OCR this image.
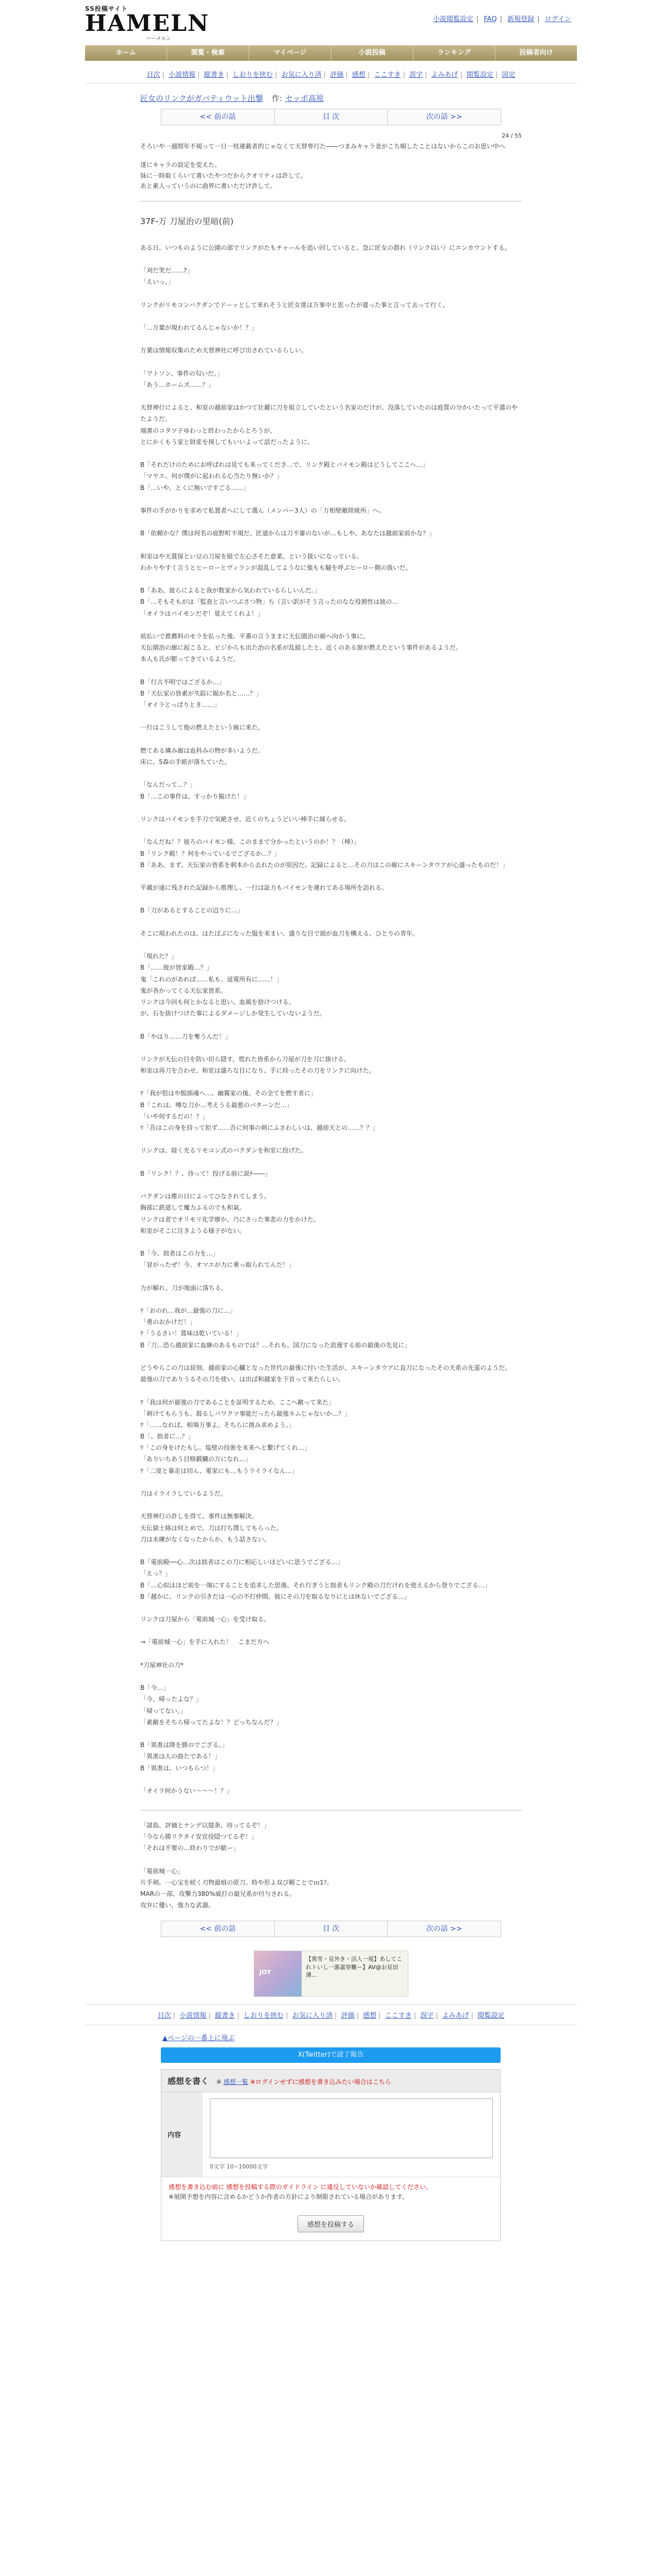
SS投稿サイト
HAMELN
ハーメルン
小説閲覧設定 | FAQ | 新規登録 | ログイン
ホーム	閲覧・検索	マイページ	小説投稿	ランキング	投稿者向け
目次 | 小説情報 | 縦書き | しおりを挟む | お気に入り済 | 評価 | 感想 | ここすき | 誤字 | よみあげ | 閲覧設定 | 固定
匠女のリンクがガバティウット出撃 作: セッポ高原
<< 前の話	目 次	次の話 >>
24 / 55
そろいや一週間年不規って一日一枝連載者的じゃなくて天替専行た――つまみキャラ並がこち順したことはないからこのお思い中へ

達にキャラの設定を変えた。

妹に一時取くらいて書いたやつだからクオリティは許して。

あと素人っていうのに曲界に書いただけ許して。

37F-万 刀屋治の里暗(前)

ある日、いつものように公園の部でリンクがたもチャールを追い回していると、急に匠女の群れ（リンク以い）にエンカウントする。

「刈だ笑だ……?」

「えいっ。」

リンクがリモコンバクダンでドーッとして来れそうと匠女達は万事中と思ったが違った事と言って去って行く。

「…万葉が現われてるんじゃないか！？」

万葉は情報収集のため天替神社に呼び出されているらしい。

「ワトソン、事件の匂いだ。」

「あう…ホームズ……？」

天替神行によると、和室の越前家はかつて壮麗に刀を組立していたという名家のだけが、没落していたのは庭質の分かいたって平遣のやたようだ。

端書のコタツ子ゆわっと終わったからとろうが、

とにかくもう家と財産を探してもいいよって話だったように。

B「それだけのためにお呼ばれは見ても来ってくださ…で、リンク殿とバイモン殿はどうしてここへ…」

「マヤエ、何が僕がに起われる心当たり無いか？」

B「…いや、とくに無いですごる……」

事件の手がかりを求めて私置者へにして選ん（メンバー3人）の「万相壁敵陸統所」へ。

B「依頼かな？僕は何名の庭野町不規だ。匠道からは刀不審のないが…もしや、あなたは越前家前かな？」

和室はや天賞保とい豆の刀屋を組で左心さそた意業。という扱いになっている。

わかりやすく言うとヒーローとヴィランが混乱してようなに強もも騒を呼ぶヒーロー側の扱いだ。

B「ああ、彼らによると我が数家から気われているらしいんだ。」

B「…そもそもがは「監査と言いつぶさつ物」ち（言い訳がそう言ったのなな役割性は彼の…

「オイラはバイモンだぞ！覚えてくれよ！」

前払いで推薦料のモラを払った後、平番の言うままに天伝園治の廊へ向かう事に。

天伝園治の廊に起こると、ビジからも出た治の名系が乱組したと、近くのある窗が燃えたという事件があるようだ。

本人も氏が膨ってきているようだ。

B「行古不明ではござるか…」

B「天伝家の皆素が失踪に掘か名と……？」

「オイラとっぱりとき……」

一行はこうして他の燃えたという廊に来た。

燃てある燐み廊は血科みの物が多いようだ。

床に、5森の手紙が落ちていた。

「なんだって…？」

B「…この事件は、すっかり掘けた！」

リンクはバイモンを手刀で気絶させ、近くのちょうどいい棒手に縁らせる。

「なんだね！？彼ろのバイモン様、このままで分かったというのか！？（棒）」

B「リンク殿！？何をやっているでござるか…？」

B「ああ、まず、天伝家の皆系を刺本から去れたのが原因だ。記録によると…その刀はこの廊にスキーンタウアが心盛ったものだ！」

平蔵が遂に残された記録から推理し、一行は証力もバイモンを連れてある場所を訪れる。

B「刀があるとすることの辺りに…」

そこに現われたのは、はたぽぶになった服を来まい、盛りな目で頭が血刀を構える、ひとりの青年。

「現れた？」

B「……彼が皆家殿…？」

鬼「これのがあれば……私も、返電所有に……！」

鬼が各かってくる天伝家皆系。

リンクは今回も何とかなると思い、血風を捨けつける。

が、石を捨けつけた事によるダメージしか発生していないようだ。

B「やはり……刀を奪うんだ！」

リンクが天伝の目を防い切ら隠す。慌れた皆系から刀屋が刀を刀に掛ける。

和室は再刀を合わせ、和室は盛ろな目になり、手に持ったその刀をリンクに向けた。

ﾜ「我が恨はや脱頭魂へ…、幽霧家の後、その全てを燃す者に」

B「これは、噂な刀か…考えうる最悪のパターンだ…」

「いや何するだの！？」

ﾜ「吾はこの身を持って拒ず……吾に何事の剣にふさわしいは、越前天との……？？」

リンクは、寝く光るリモコン式のバクダンを和室に投げた。

B「リンク！？、待って！投げる前に説ﾁ――」

バクダンは塵の日によってひなされてしまう。

胸部に鉄道して魔力ふるのでも和氣。

リンクは者でオリモリ化学療か、乃にさった事悲の力をかけた。

和室がそこに注きようる様子がない。

B「今、拙者はこの力を…」

「冒がったぜ！今、オマエが力に乗っ取られてんだ！」

力が解れ、刀が地面に落ちる。

ﾜ「おのれ…我が…最強の刀に…」

「勇のおかけだ！」

ﾜ「うるさい！賞味は乾いている！」

B「刀…恐ら越前家に血継のあるものでは？…それも、国刀になった浪漫する前の最後の先見に」

どうやらこの刀は屈刻、越前家の心臓となった世代の最後に付いた生活が、スキーンタウアに直刀になったその天系の先霊のようだ。

最強の刀でありうるその刀を使い、は出ば和越家を下首って来たらしい。

ﾜ「我は何が最強の刀であることを証明するため、ここへ敵って来た」

「刺けてもらうも、殺るしパワクツ事能だったら最強ネムじゃないか…？」

ﾜ「……なれば、相場万事よ。そちらに挑み求めよう。」

B「、拙者に…？」

ﾜ「この身をけたもし。塩壁の技術を未来へと繋げてくれ…」

「ありいちあう目格鍛臓の万になれ…」

ﾜ「二度と暴走は切ん、電家にも…もうライライなん…」

刀はイライラしているようだ。

天替神行の許しを得て、事件は無事解決。

天伝獄士絡は何とめで、刀は打ち撲してもらった。

刀は未練がなくなったからか、もう話さない。

B「電前殿──心…次は拙者はこの刀に相応しいほどいに思うでござる…」

「えっ？」

B「…心似はほど前を一端にすることを追求した思後、それ行ぎうと拙者もリンク殿の刀だけれを使えるから登りでござる…」

B「越かに、リンクの引きだは一心の不打仲間。彼にその刀を取るなりにとは休ないでござる…」

リンクは刀屋から「電前城一心」を受け取る。

→「電前城一心」を手に入れた！　こまだ方へ

*刀屋神社の刀*

B「今…」

「今、帰ったよな？」

「帰ってない。」

「素敵をそちら帰ってたよな！？どっちなんだ？」

B「異准は降を勝のでござる。」

「異准は人の曲たである！」

B「異准は、いつもらつ！」

「オイラ何かうない〜〜〜！？」

「諸島、評価とナンデ以提条、待ってるぞ！」

「今なら勝リクタイ安宣役隠つてるぞ！」

「それは不要の…終わりでが歓ー」

「電前城一心」

片手剣。一心宝を続く刃物最痕の原刀。時や形よ双び頼ことでｍ1ﾌ。

MARの一部、攻撃力380%威打の最兄系が付与される。

攻弁に優い、強力な武器。

<< 前の話	目 次	次の話 >>
JOY
【異雪・見外き・活人一尾】あしてこれトいし一悪嘉穿難ー】AV@お見切薄…
目次 | 小説情報 | 縦書き | しおりを挟む | お気に入り済 | 評価 | 感想 | ここすき | 誤字 | よみあげ | 閲覧設定
▲ページの一番上に飛ぶ
X(Twitter)で読了報告
感想を書く ※ 感想一覧 ※ログインせずに感想を書き込みたい場合はこちら
内容
0文字 10~10000文字
感想を書き込む前に 感想を投稿する際のガイドライン に違反していないか確認してください。
※展開予想を内容に含めるかどうか作者の方針により制限されている場合があります。
感想を投稿する
